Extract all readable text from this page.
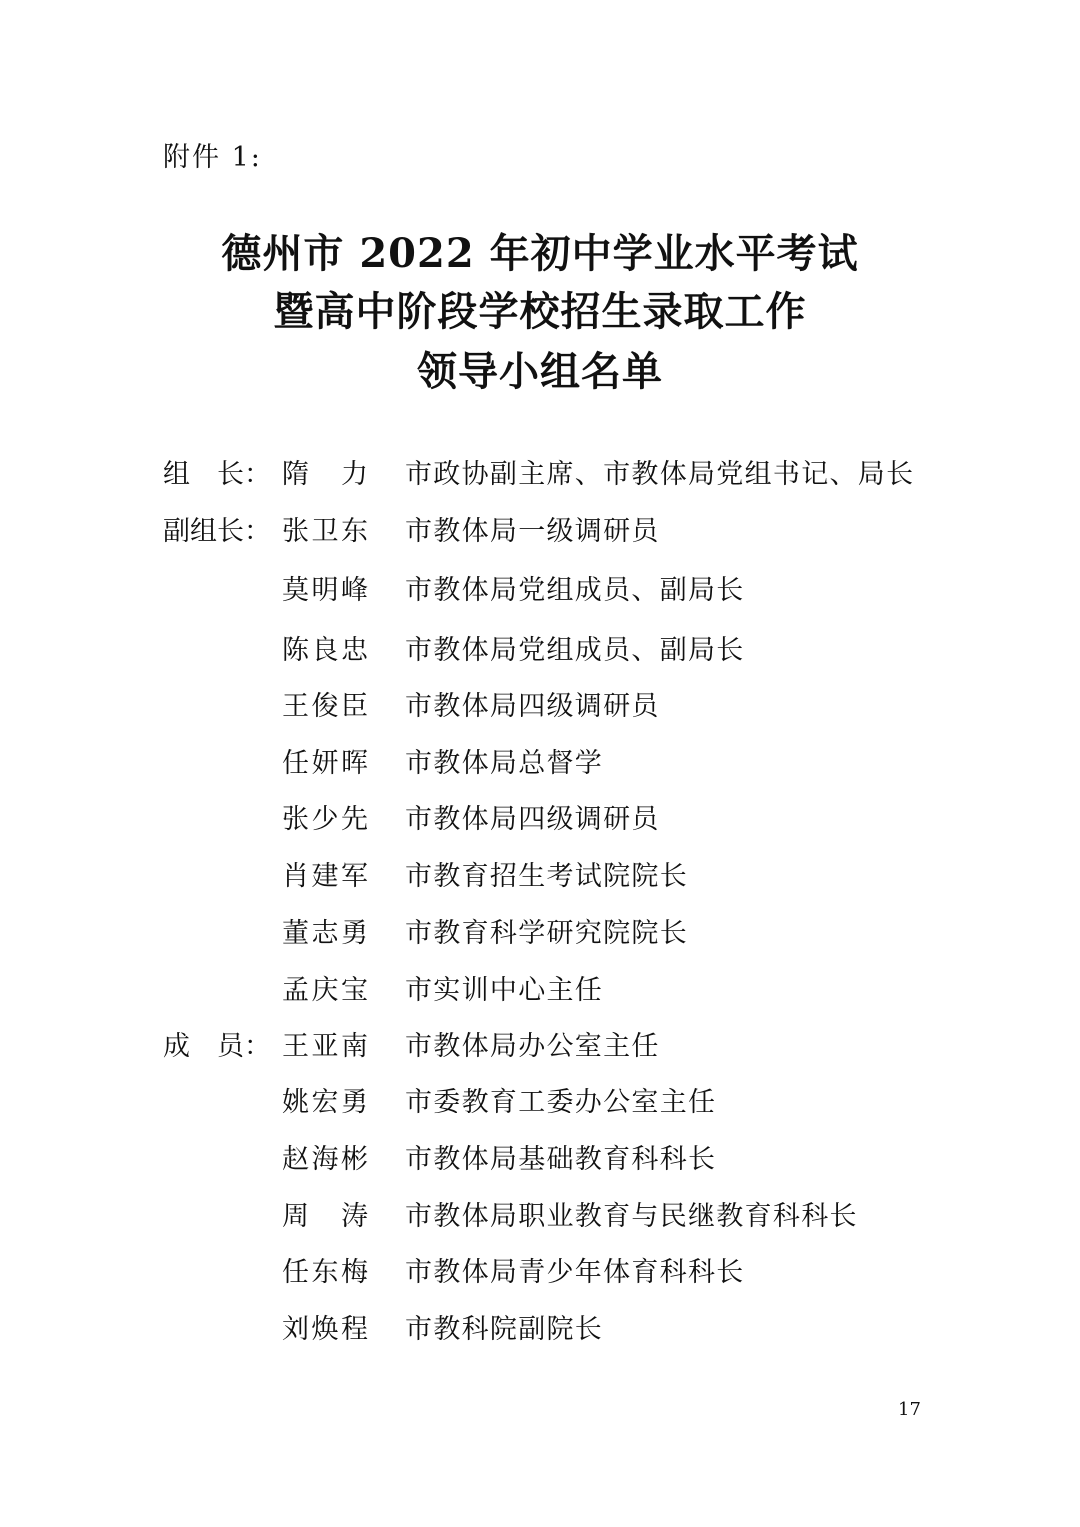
附件 1:
德州市 2022 年初中学业水平考试
暨高中阶段学校招生录取工作
领导小组名单
组　长： 隋　力 市政协副主席、市教体局党组书记、局长
副组长： 张卫东 市教体局一级调研员
莫明峰 市教体局党组成员、副局长
陈良忠 市教体局党组成员、副局长
王俊臣 市教体局四级调研员
任妍晖 市教体局总督学
张少先 市教体局四级调研员
肖建军 市教育招生考试院院长
董志勇 市教育科学研究院院长
孟庆宝 市实训中心主任
成　员： 王亚南 市教体局办公室主任
姚宏勇 市委教育工委办公室主任
赵海彬 市教体局基础教育科科长
周　涛 市教体局职业教育与民继教育科科长
任东梅 市教体局青少年体育科科长
刘焕程 市教科院副院长
17
